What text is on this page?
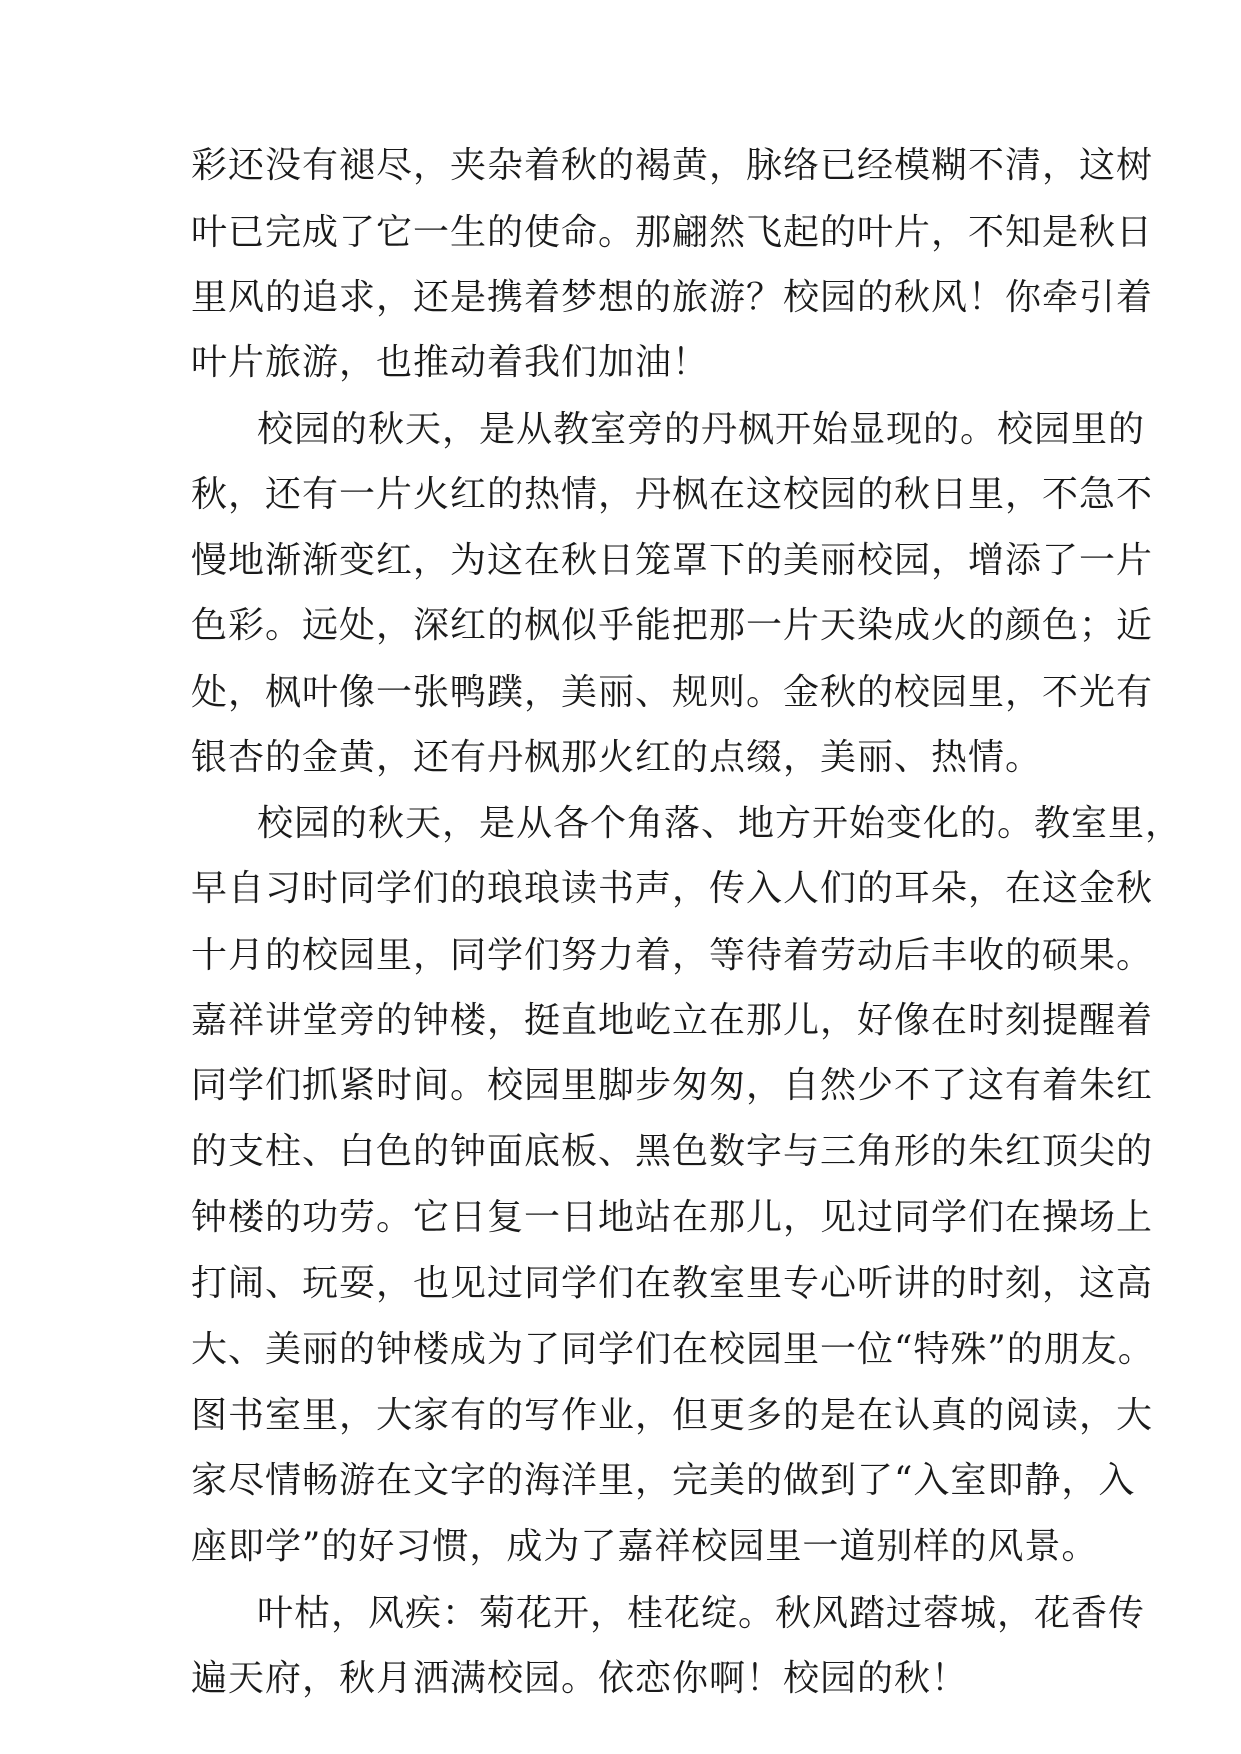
彩还没有褪尽，夹杂着秋的褐黄，脉络已经模糊不清，这树
叶已完成了它一生的使命。那翩然飞起的叶片，不知是秋日
里风的追求，还是携着梦想的旅游？校园的秋风！你牵引着
叶片旅游，也推动着我们加油！
校园的秋天，是从教室旁的丹枫开始显现的。校园里的
秋，还有一片火红的热情，丹枫在这校园的秋日里，不急不
慢地渐渐变红，为这在秋日笼罩下的美丽校园，增添了一片
色彩。远处，深红的枫似乎能把那一片天染成火的颜色；近
处，枫叶像一张鸭蹼，美丽、规则。金秋的校园里，不光有
银杏的金黄，还有丹枫那火红的点缀，美丽、热情。
校园的秋天，是从各个角落、地方开始变化的。教室里，
早自习时同学们的琅琅读书声，传入人们的耳朵，在这金秋
十月的校园里，同学们努力着，等待着劳动后丰收的硕果。
嘉祥讲堂旁的钟楼，挺直地屹立在那儿，好像在时刻提醒着
同学们抓紧时间。校园里脚步匆匆，自然少不了这有着朱红
的支柱、白色的钟面底板、黑色数字与三角形的朱红顶尖的
钟楼的功劳。它日复一日地站在那儿，见过同学们在操场上
打闹、玩耍，也见过同学们在教室里专心听讲的时刻，这高
大、美丽的钟楼成为了同学们在校园里一位“特殊”的朋友。
图书室里，大家有的写作业，但更多的是在认真的阅读，大
家尽情畅游在文字的海洋里，完美的做到了“入室即静，入
座即学”的好习惯，成为了嘉祥校园里一道别样的风景。
叶枯，风疾：菊花开，桂花绽。秋风踏过蓉城，花香传
遍天府，秋月洒满校园。依恋你啊！校园的秋！
